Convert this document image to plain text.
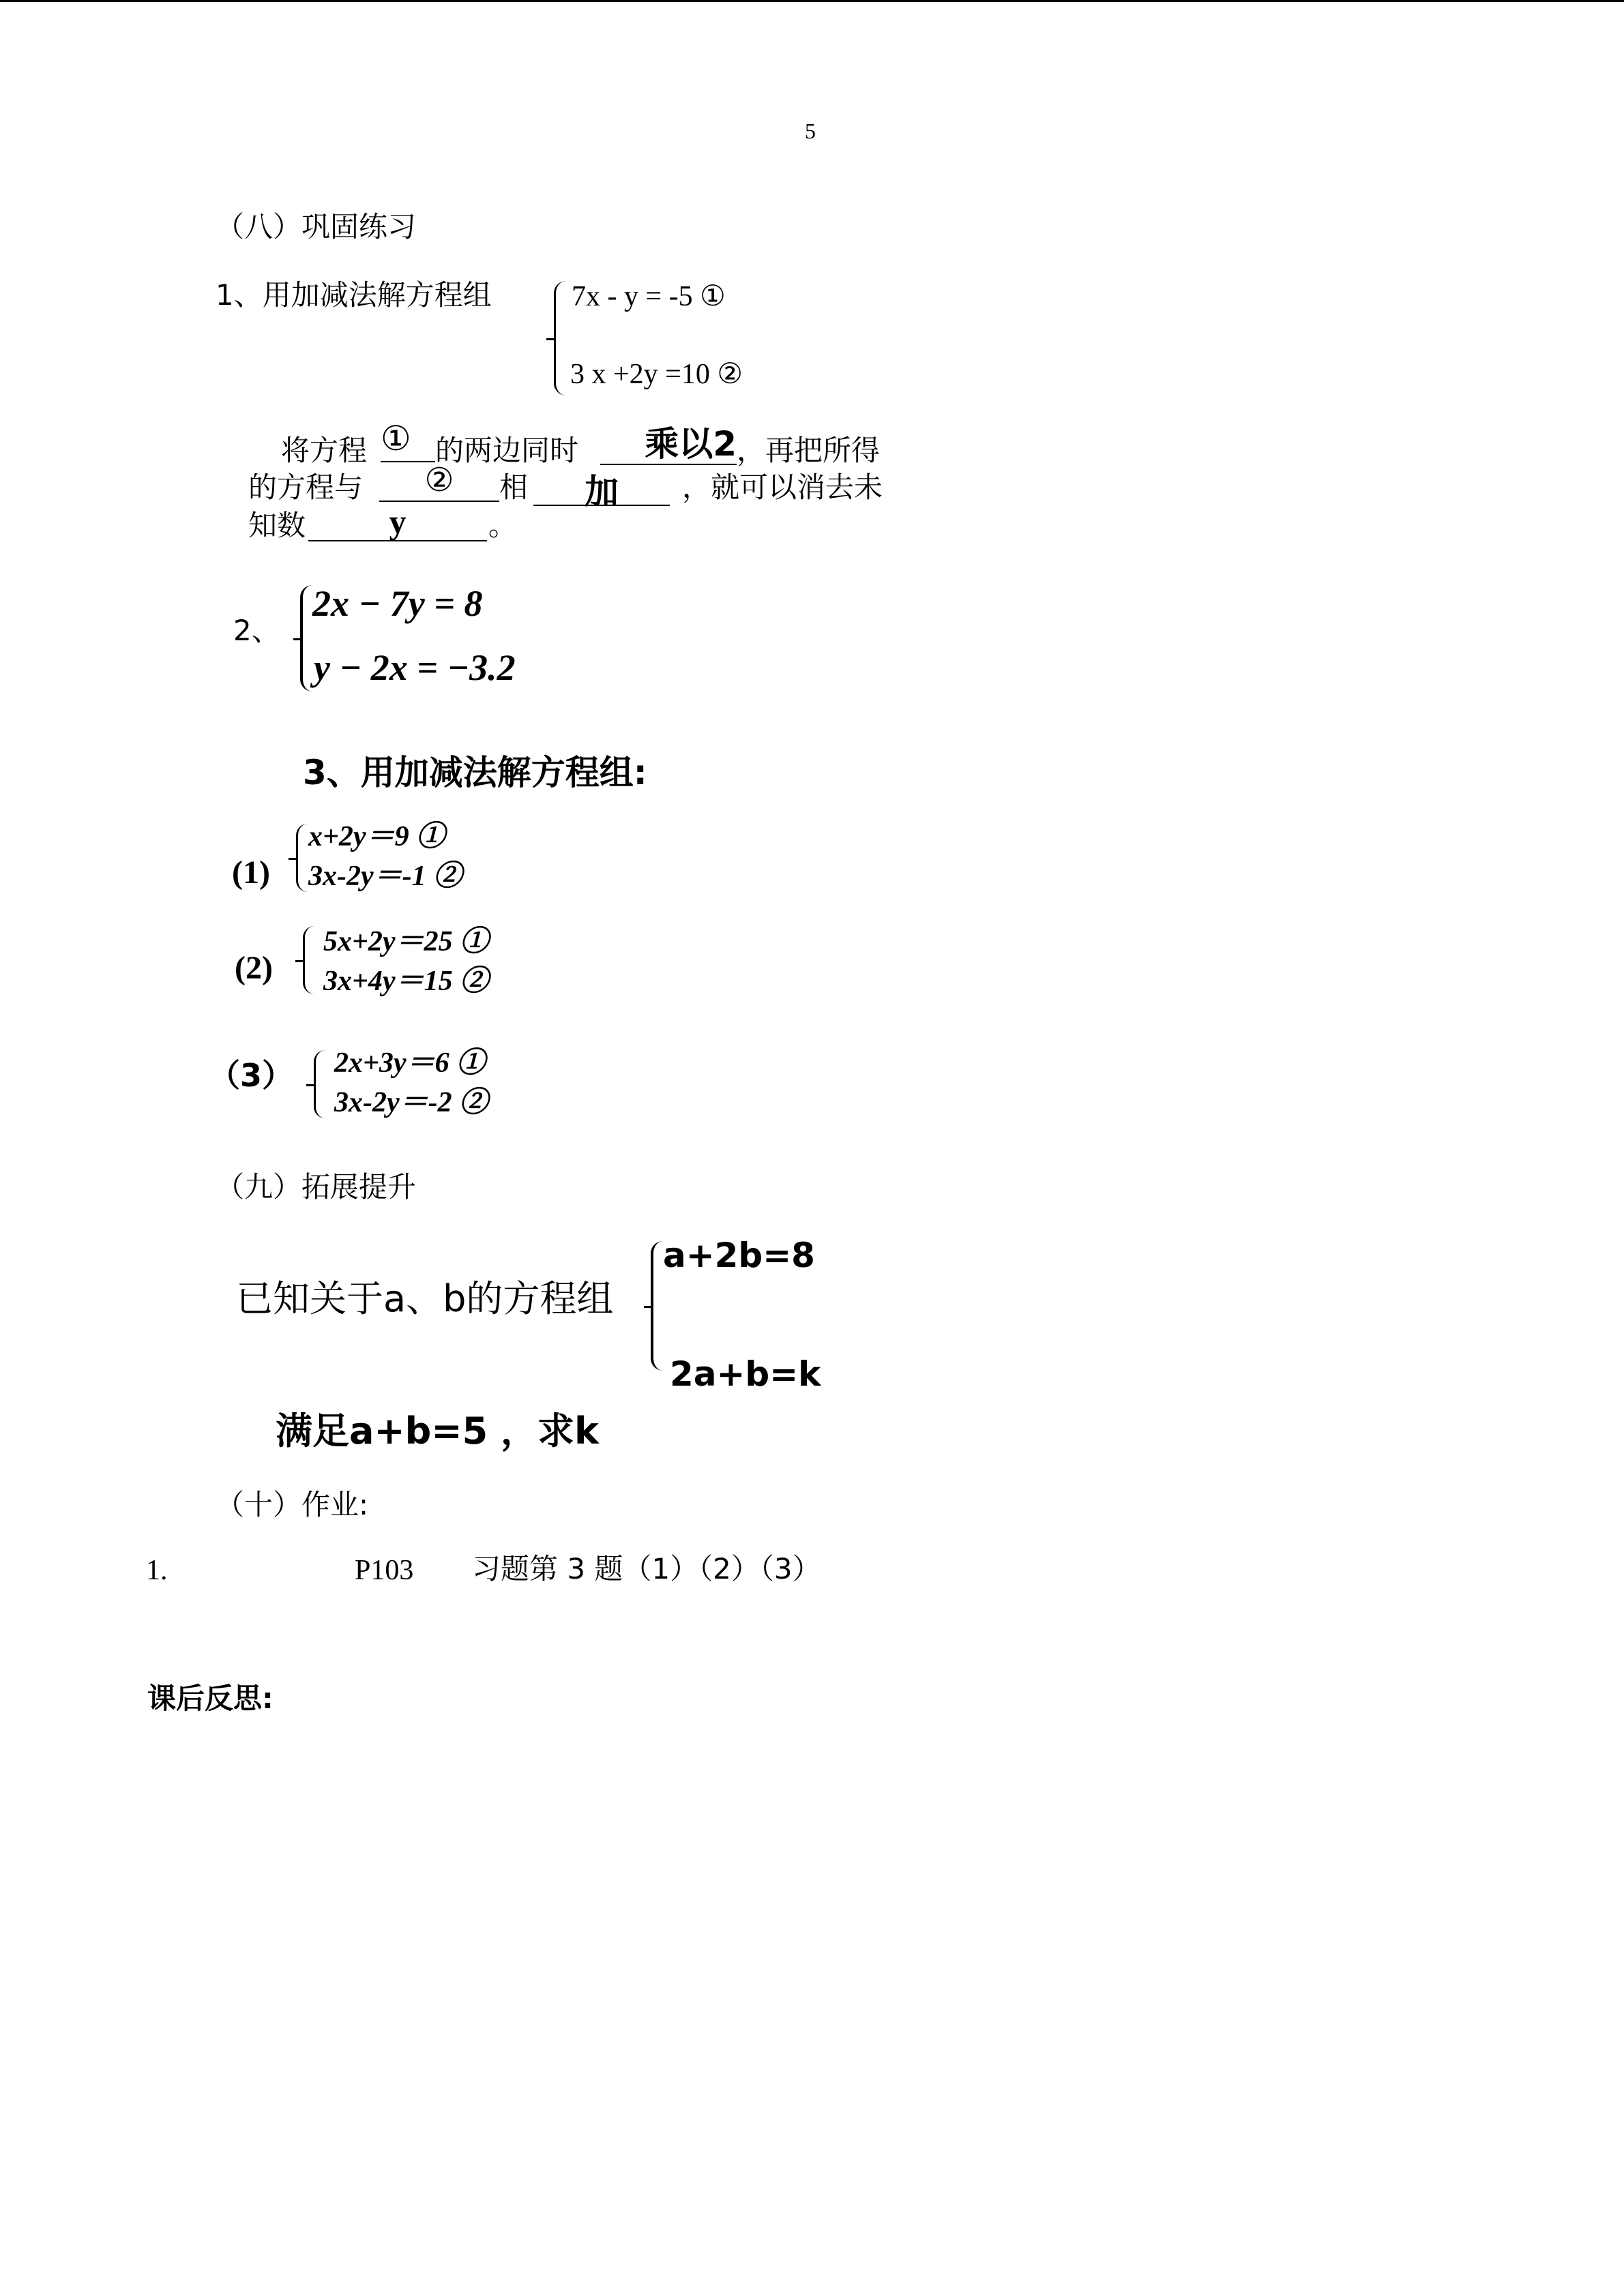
5
（八）巩固练习
1、用加减法解方程组	7x - y = -5 ①
3 x +2y =10 ②
将方程 ① 的两边同时	乘以2 ，再把所得
的方程与	②	相	加	，就可以消去未
知数	y	。
2、
2x − 7y = 8
y − 2x = −3.2
3、用加减法解方程组:
(1)
x+2y＝9 ①
3x-2y＝-1 ②
(2)
5x+2y＝25 ①
3x+4y＝15 ②
（3） 2x+3y＝6 ①
3x-2y＝-2 ②
（九）拓展提升
已知关于a、b的方程组
a+2b=8
2a+b=k
满足a+b=5 ，求k
（十）作业:
1.	P103 习题第 3 题（1）（2）（3）
课后反思:
